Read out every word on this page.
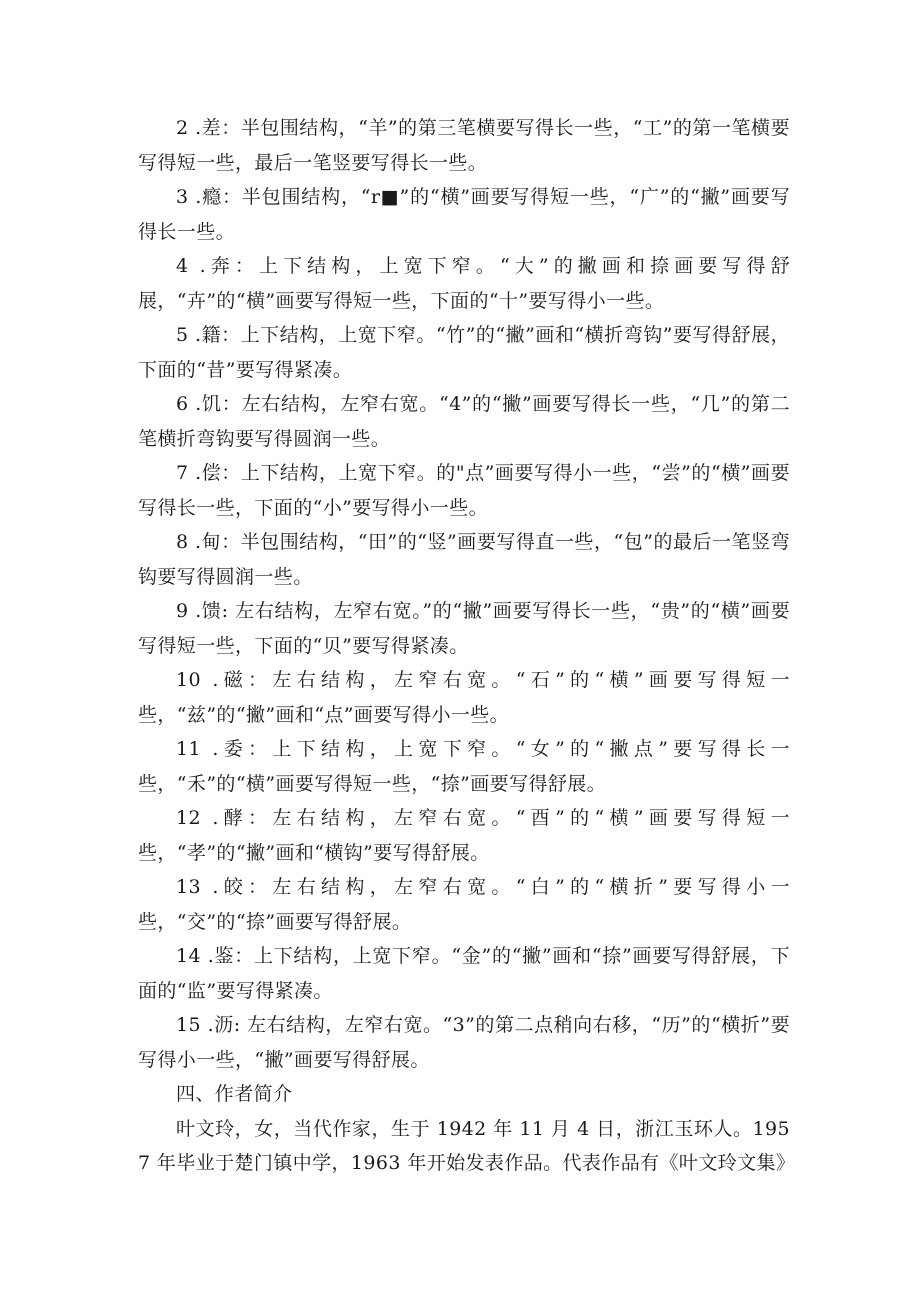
2 .差：半包围结构，“羊”的第三笔横要写得长一些，“工”的第一笔横要写得短一些，最后一笔竖要写得长一些。

3 .瘾：半包围结构，“r■”的“横”画要写得短一些，“广”的“撇”画要写得长一些。

4 .奔：上下结构，上宽下窄。“大”的撇画和捺画要写得舒展，“卉”的“横”画要写得短一些，下面的“十”要写得小一些。

5 .籍：上下结构，上宽下窄。“竹”的“撇”画和“横折弯钩”要写得舒展，下面的“昔”要写得紧凑。

6 .饥：左右结构，左窄右宽。“4”的“撇”画要写得长一些，“几”的第二笔横折弯钩要写得圆润一些。

7 .偿：上下结构，上宽下窄。的"点”画要写得小一些，“尝”的“横”画要写得长一些，下面的“小”要写得小一些。

8 .甸：半包围结构，“田”的“竖”画要写得直一些，“包”的最后一笔竖弯钩要写得圆润一些。

9 .馈: 左右结构，左窄右宽。”的“撇”画要写得长一些，“贵”的“横”画要写得短一些，下面的“贝”要写得紧凑。

10 .磁：左右结构，左窄右宽。“石”的“横”画要写得短一些，“兹”的“撇”画和“点”画要写得小一些。

11 .委：上下结构，上宽下窄。“女”的“撇点”要写得长一些，“禾”的“横”画要写得短一些，“捺”画要写得舒展。

12 .酵：左右结构，左窄右宽。“酉”的“横”画要写得短一些，“孝”的“撇”画和“横钩”要写得舒展。

13 .皎：左右结构，左窄右宽。“白”的“横折”要写得小一些，“交”的“捺”画要写得舒展。

14 .鉴：上下结构，上宽下窄。“金”的“撇”画和“捺”画要写得舒展，下面的“监”要写得紧凑。

15 .沥: 左右结构，左窄右宽。“3”的第二点稍向右移，“历”的“横折”要写得小一些，“撇”画要写得舒展。

四、作者简介

叶文玲，女，当代作家，生于 1942 年 11 月 4 日，浙江玉环人。1957 年毕业于楚门镇中学，1963 年开始发表作品。代表作品有《叶文玲文集》
